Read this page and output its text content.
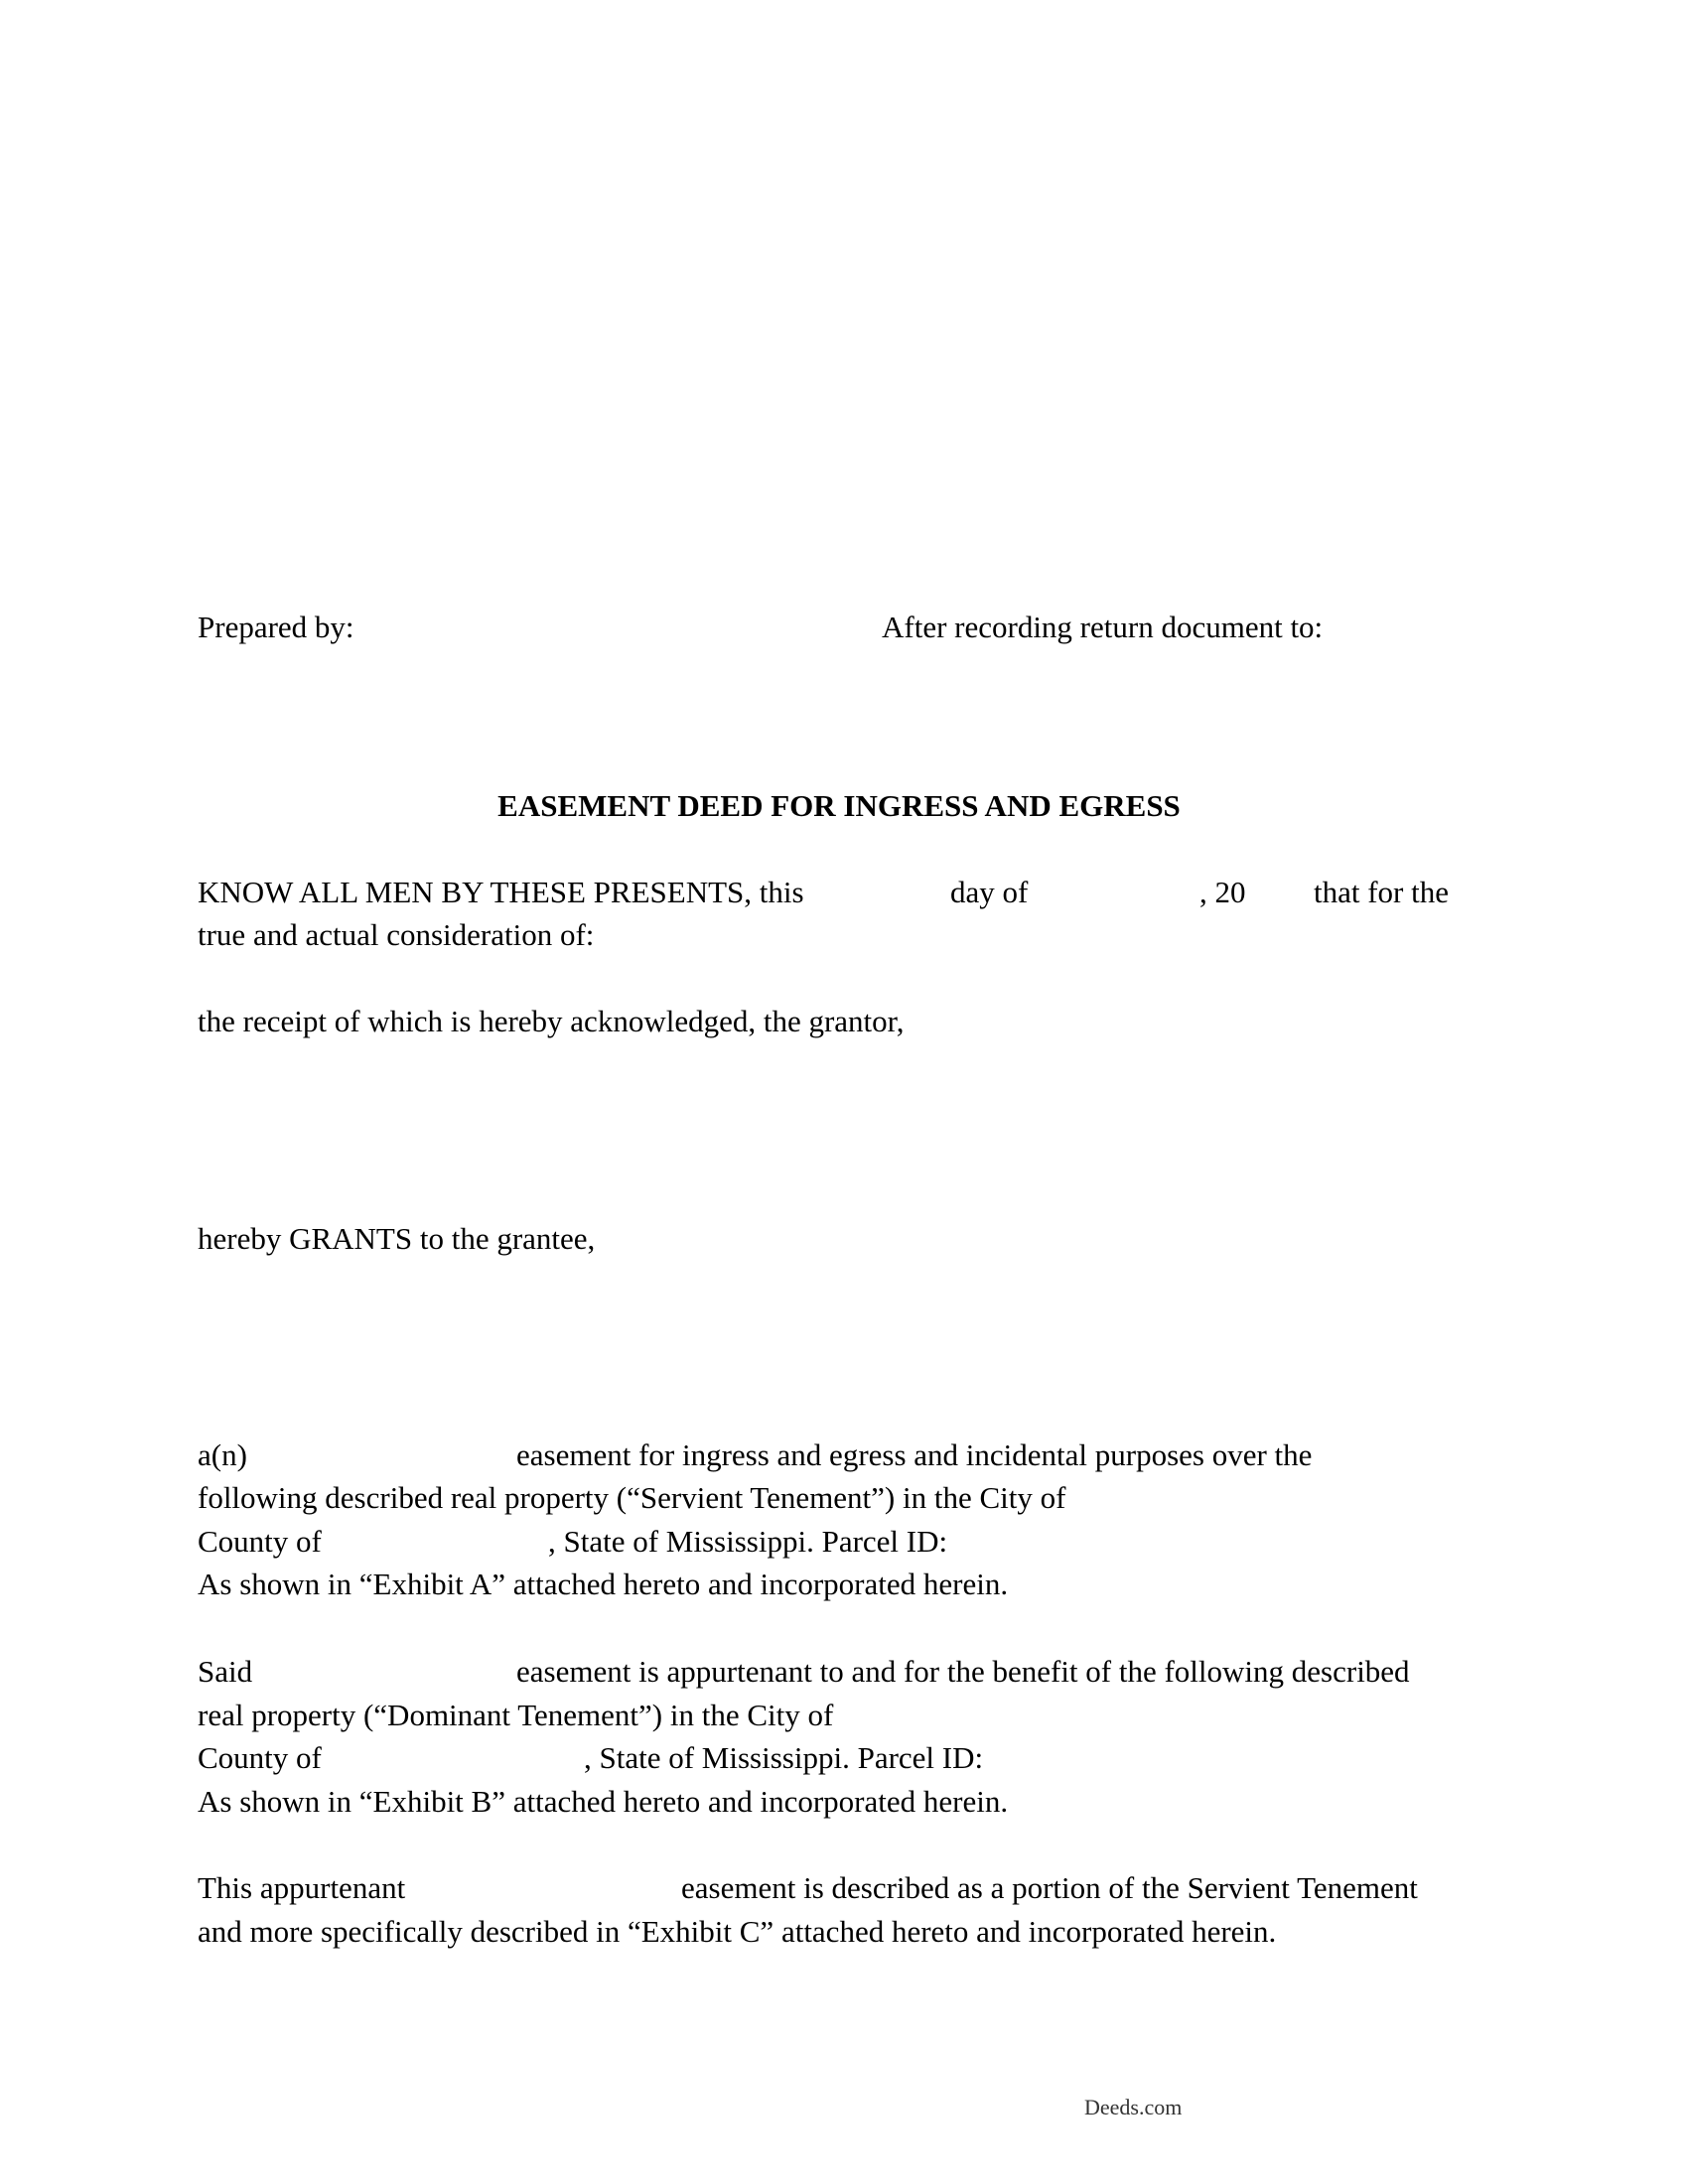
Prepared by:	After recording return document to:
EASEMENT DEED FOR INGRESS AND EGRESS
KNOW ALL MEN BY THESE PRESENTS, this	day of	, 20 that for the
true and actual consideration of:
the receipt of which is hereby acknowledged, the grantor,
hereby GRANTS to the grantee,
a(n)	easement for ingress and egress and incidental purposes over the
following described real property (“Servient Tenement”) in the City of
County of	, State of Mississippi. Parcel ID:
As shown in “Exhibit A” attached hereto and incorporated herein.
Said	easement is appurtenant to and for the benefit of the following described
real property (“Dominant Tenement”) in the City of
County of	, State of Mississippi. Parcel ID:
As shown in “Exhibit B” attached hereto and incorporated herein.
This appurtenant	easement is described as a portion of the Servient Tenement
and more specifically described in “Exhibit C” attached hereto and incorporated herein.
Deeds.com
